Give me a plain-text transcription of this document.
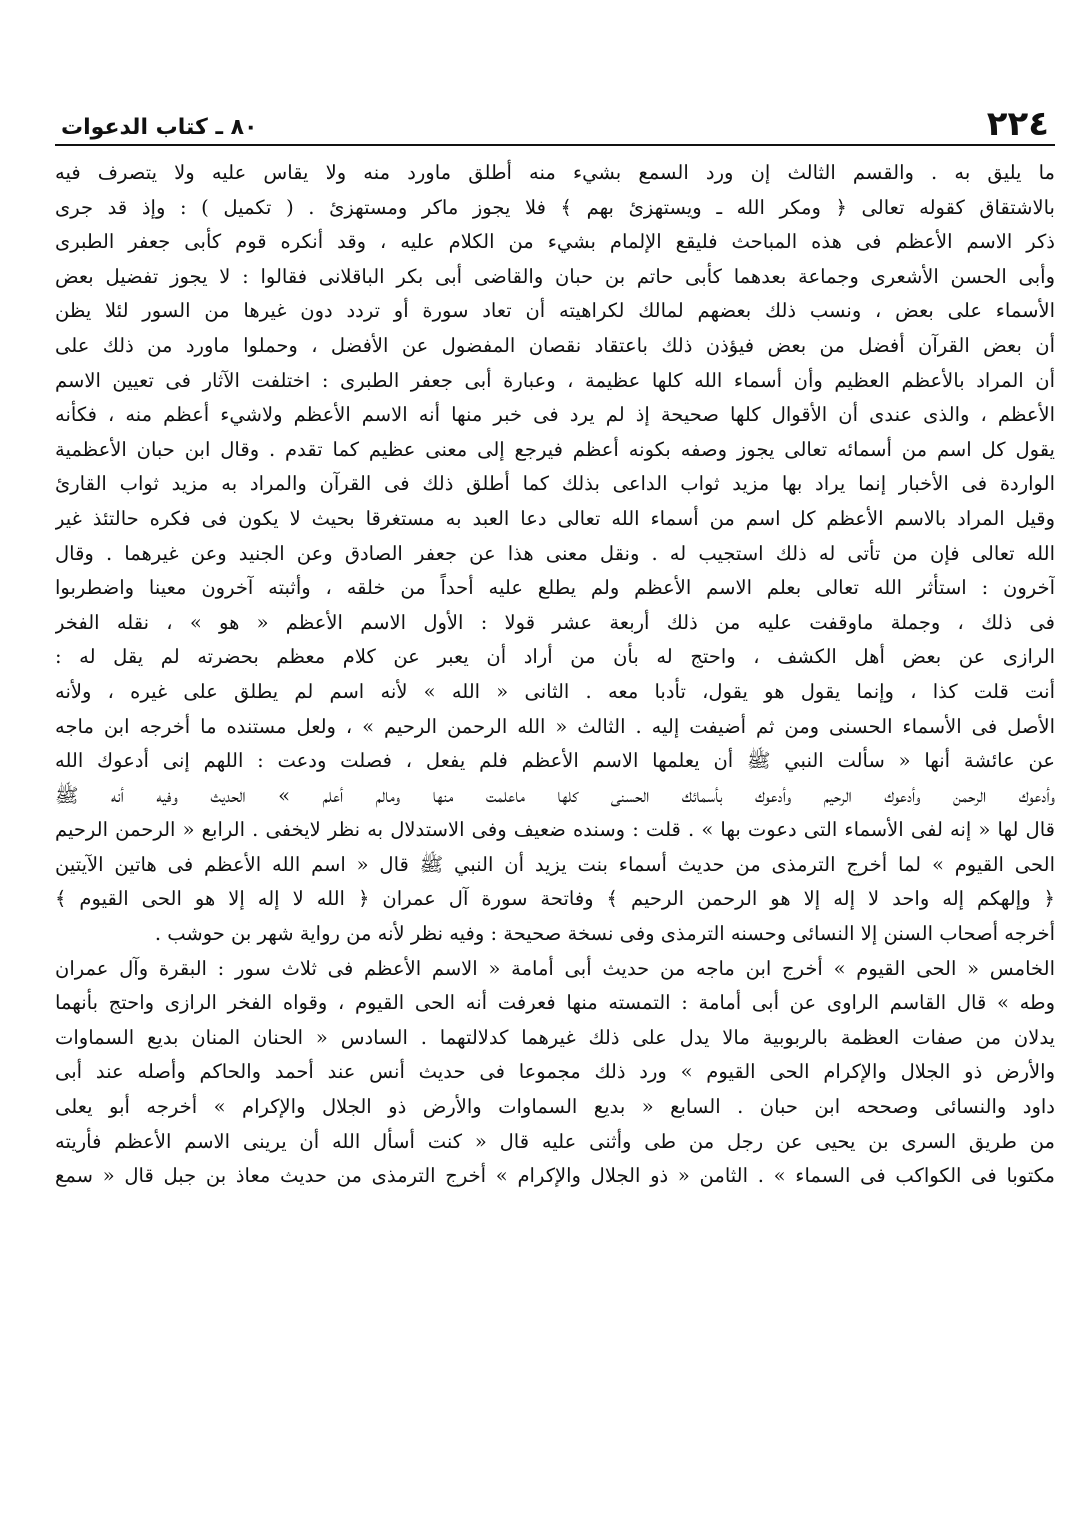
٢٢٤
٨٠ ـ كتاب الدعوات
ما يليق به . والقسم الثالث إن ورد السمع بشيء منه أطلق ماورد منه ولا يقاس عليه ولا يتصرف فيه
بالاشتقاق كقوله تعالى ﴿ ومكر الله ـ ويستهزئ بهم ﴾ فلا يجوز ماكر ومستهزئ . ( تكميل ) : وإذ قد جرى
ذكر الاسم الأعظم فى هذه المباحث فليقع الإلمام بشيء من الكلام عليه ، وقد أنكره قوم كأبى جعفر الطبرى
وأبى الحسن الأشعرى وجماعة بعدهما كأبى حاتم بن حبان والقاضى أبى بكر الباقلانى فقالوا : لا يجوز تفضيل بعض
الأسماء على بعض ، ونسب ذلك بعضهم لمالك لكراهيته أن تعاد سورة أو تردد دون غيرها من السور لئلا يظن
أن بعض القرآن أفضل من بعض فيؤذن ذلك باعتقاد نقصان المفضول عن الأفضل ، وحملوا ماورد من ذلك على
أن المراد بالأعظم العظيم وأن أسماء الله كلها عظيمة ، وعبارة أبى جعفر الطبرى : اختلفت الآثار فى تعيين الاسم
الأعظم ، والذى عندى أن الأقوال كلها صحيحة إذ لم يرد فى خبر منها أنه الاسم الأعظم ولاشيء أعظم منه ، فكأنه
يقول كل اسم من أسمائه تعالى يجوز وصفه بكونه أعظم فيرجع إلى معنى عظيم كما تقدم . وقال ابن حبان الأعظمية
الواردة فى الأخبار إنما يراد بها مزيد ثواب الداعى بذلك كما أطلق ذلك فى القرآن والمراد به مزيد ثواب القارئ
وقيل المراد بالاسم الأعظم كل اسم من أسماء الله تعالى دعا العبد به مستغرقا بحيث لا يكون فى فكره حالتئذ غير
الله تعالى فإن من تأتى له ذلك استجيب له . ونقل معنى هذا عن جعفر الصادق وعن الجنيد وعن غيرهما . وقال
آخرون : استأثر الله تعالى بعلم الاسم الأعظم ولم يطلع عليه أحداً من خلقه ، وأثبته آخرون معينا واضطربوا
فى ذلك ، وجملة ماوقفت عليه من ذلك أربعة عشر قولا : الأول الاسم الأعظم « هو » ، نقله الفخر
الرازى عن بعض أهل الكشف ، واحتج له بأن من أراد أن يعبر عن كلام معظم بحضرته لم يقل له :
أنت قلت كذا ، وإنما يقول هو يقول، تأدبا معه . الثانى « الله » لأنه اسم لم يطلق على غيره ، ولأنه
الأصل فى الأسماء الحسنى ومن ثم أضيفت إليه . الثالث « الله الرحمن الرحيم » ، ولعل مستنده ما أخرجه ابن ماجه
عن عائشة أنها « سألت النبي ﷺ أن يعلمها الاسم الأعظم فلم يفعل ، فصلت ودعت : اللهم إنى أدعوك الله
وأدعوك الرحمن وأدعوك الرحيم وأدعوك بأسمائك الحسنى كلها ماعلمت منها ومالم أعلم » الحديث وفيه أنه ﷺ
قال لها « إنه لفى الأسماء التى دعوت بها » . قلت : وسنده ضعيف وفى الاستدلال به نظر لايخفى . الرابع « الرحمن الرحيم
الحى القيوم » لما أخرج الترمذى من حديث أسماء بنت يزيد أن النبي ﷺ قال « اسم الله الأعظم فى هاتين الآيتين
﴿ وإلهكم إله واحد لا إله إلا هو الرحمن الرحيم ﴾ وفاتحة سورة آل عمران ﴿ الله لا إله إلا هو الحى القيوم ﴾
أخرجه أصحاب السنن إلا النسائى وحسنه الترمذى وفى نسخة صحيحة : وفيه نظر لأنه من رواية شهر بن حوشب .
الخامس « الحى القيوم » أخرج ابن ماجه من حديث أبى أمامة « الاسم الأعظم فى ثلاث سور : البقرة وآل عمران
وطه » قال القاسم الراوى عن أبى أمامة : التمسته منها فعرفت أنه الحى القيوم ، وقواه الفخر الرازى واحتج بأنهما
يدلان من صفات العظمة بالربوبية مالا يدل على ذلك غيرهما كدلالتهما . السادس « الحنان المنان بديع السماوات
والأرض ذو الجلال والإكرام الحى القيوم » ورد ذلك مجموعا فى حديث أنس عند أحمد والحاكم وأصله عند أبى
داود والنسائى وصححه ابن حبان . السابع « بديع السماوات والأرض ذو الجلال والإكرام » أخرجه أبو يعلى
من طريق السرى بن يحيى عن رجل من طى وأثنى عليه قال « كنت أسأل الله أن يرينى الاسم الأعظم فأريته
مكتوبا فى الكواكب فى السماء » . الثامن « ذو الجلال والإكرام » أخرج الترمذى من حديث معاذ بن جبل قال « سمع
